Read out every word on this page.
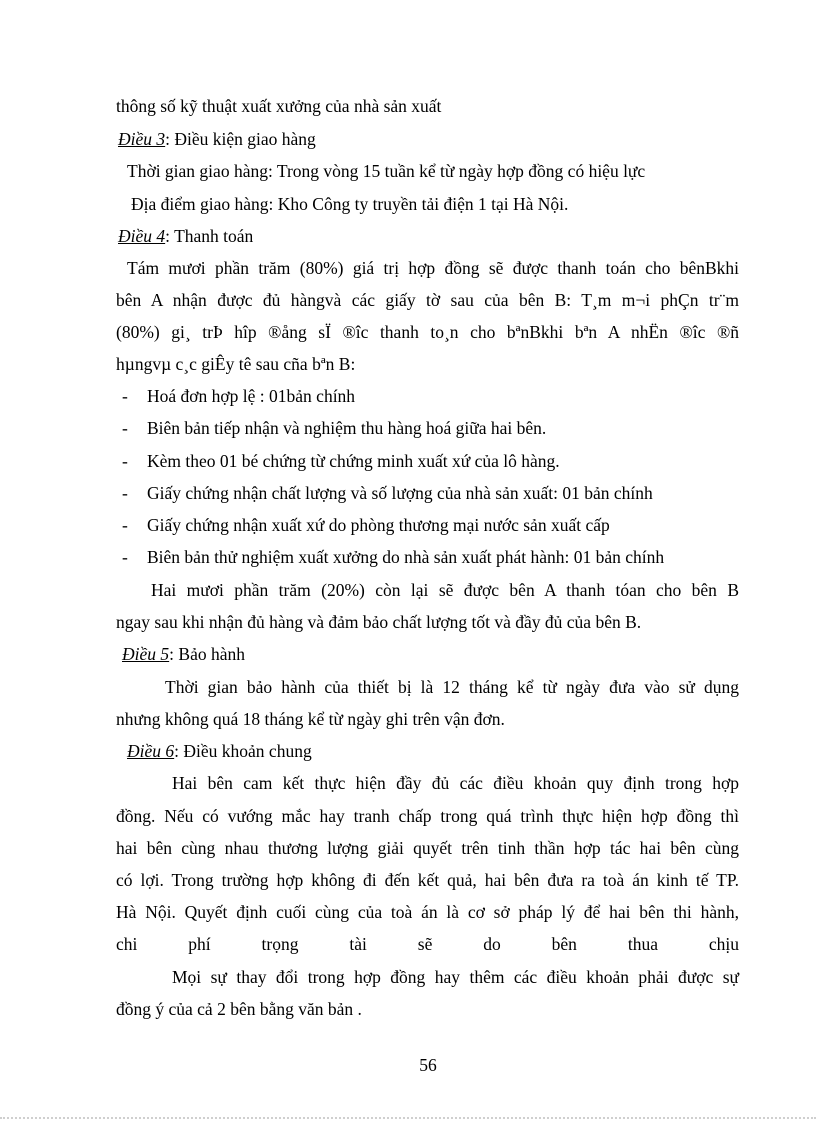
thông số kỹ thuật xuất xưởng của nhà sản xuất
Điều 3: Điều kiện giao hàng
Thời gian giao hàng: Trong vòng 15 tuần kể từ ngày hợp đồng có hiệu lực
Địa điểm giao hàng: Kho Công ty truyền tải điện 1 tại Hà Nội.
Điều 4: Thanh toán
Tám mươi phần trăm (80%) giá trị hợp đồng sẽ được thanh toán cho bênBkhi
bên A nhận được đủ hàngvà các giấy tờ sau của bên B: T¸m m¬i phÇn tr¨m
(80%) gi¸ trÞ hîp ®ång sÏ ®îc thanh to¸n cho bªnBkhi bªn A nhËn ®îc ®ñ
hµngvµ c¸c giÊy tê sau cña bªn B:
- Hoá đơn hợp lệ : 01bản chính
- Biên bản tiếp nhận và nghiệm thu hàng hoá giữa hai bên.
- Kèm theo 01 bé chứng từ chứng minh xuất xứ của lô hàng.
- Giấy chứng nhận chất lượng và số lượng của nhà sản xuất: 01 bản chính
- Giấy chứng nhận xuất xứ do phòng thương mại nước sản xuất cấp
- Biên bản thử nghiệm xuất xưởng do nhà sản xuất phát hành: 01 bản chính
Hai mươi phần trăm (20%) còn lại sẽ được bên A thanh tóan cho bên B
ngay sau khi nhận đủ hàng và đảm bảo chất lượng tốt và đầy đủ của bên B.
Điều 5: Bảo hành
Thời gian bảo hành của thiết bị là 12 tháng kể từ ngày đưa vào sử dụng
nhưng không quá 18 tháng kể từ ngày ghi trên vận đơn.
Điều 6: Điều khoản chung
Hai bên cam kết thực hiện đầy đủ các điều khoản quy định trong hợp
đồng. Nếu có vướng mắc hay tranh chấp trong quá trình thực hiện hợp đồng thì
hai bên cùng nhau thương lượng giải quyết trên tinh thần hợp tác hai bên cùng
có lợi. Trong trường hợp không đi đến kết quả, hai bên đưa ra toà án kinh tế TP.
Hà Nội. Quyết định cuối cùng của toà án là cơ sở pháp lý để hai bên thi hành,
chi phí trọng tài sẽ do bên thua chịu
Mọi sự thay đổi trong hợp đồng hay thêm các điều khoản phải được sự
đồng ý của cả 2 bên bằng văn bản .
56
